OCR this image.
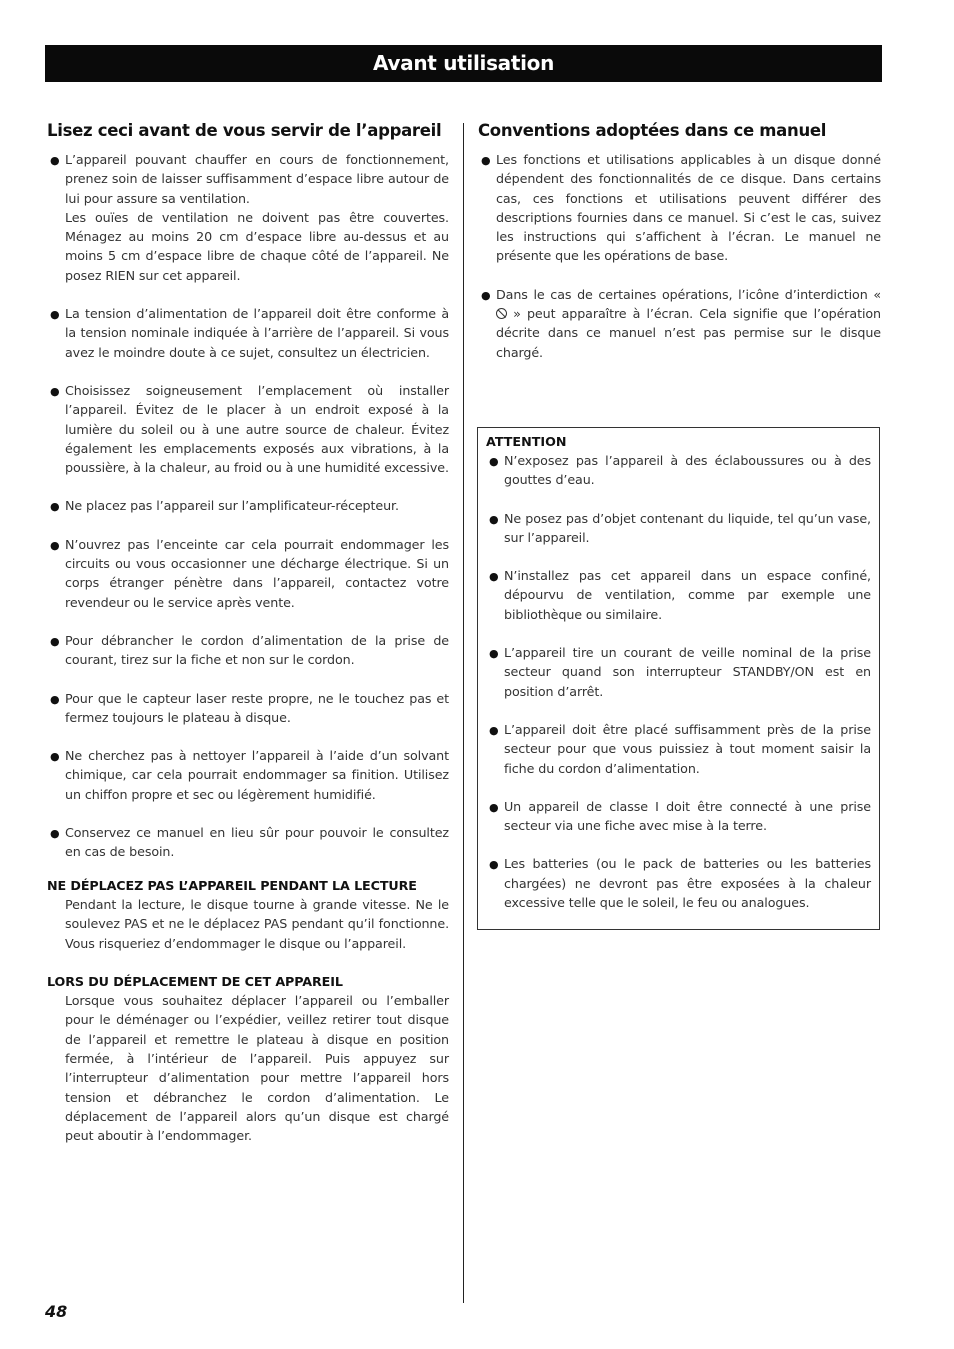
Avant utilisation
Lisez ceci avant de vous servir de l’appareil
● L’appareil pouvant chauffer en cours de fonctionnement, prenez soin de laisser suffisamment d’espace libre autour de lui pour assure sa ventilation.
Les ouïes de ventilation ne doivent pas être couvertes. Ménagez au moins 20 cm d’espace libre au-dessus et au moins 5 cm d’espace libre de chaque côté de l’appareil. Ne posez RIEN sur cet appareil.
● La tension d’alimentation de l’appareil doit être conforme à la tension nominale indiquée à l’arrière de l’appareil. Si vous avez le moindre doute à ce sujet, consultez un électricien.
● Choisissez soigneusement l’emplacement où installer l’appareil. Évitez de le placer à un endroit exposé à la lumière du soleil ou à une autre source de chaleur. Évitez également les emplacements exposés aux vibrations, à la poussière, à la chaleur, au froid ou à une humidité excessive.
● Ne placez pas l’appareil sur l’amplificateur-récepteur.
● N’ouvrez pas l’enceinte car cela pourrait endommager les circuits ou vous occasionner une décharge électrique. Si un corps étranger pénètre dans l’appareil, contactez votre revendeur ou le service après vente.
● Pour débrancher le cordon d’alimentation de la prise de courant, tirez sur la fiche et non sur le cordon.
● Pour que le capteur laser reste propre, ne le touchez pas et fermez toujours le plateau à disque.
● Ne cherchez pas à nettoyer l’appareil à l’aide d’un solvant chimique, car cela pourrait endommager sa finition. Utilisez un chiffon propre et sec ou légèrement humidifié.
● Conservez ce manuel en lieu sûr pour pouvoir le consultez en cas de besoin.

NE DÉPLACEZ PAS L’APPAREIL PENDANT LA LECTURE

Pendant la lecture, le disque tourne à grande vitesse. Ne le soulevez PAS et ne le déplacez PAS pendant qu’il fonctionne. Vous risqueriez d’endommager le disque ou l’appareil.

LORS DU DÉPLACEMENT DE CET APPAREIL

Lorsque vous souhaitez déplacer l’appareil ou l’emballer pour le déménager ou l’expédier, veillez retirer tout disque de l’appareil et remettre le plateau à disque en position fermée, à l’intérieur de l’appareil. Puis appuyez sur l’interrupteur d’alimentation pour mettre l’appareil hors tension et débranchez le cordon d’alimentation. Le déplacement de l’appareil alors qu’un disque est chargé peut aboutir à l’endommager.
Conventions adoptées dans ce manuel
● Les fonctions et utilisations applicables à un disque donné dépendent des fonctionnalités de ce disque. Dans certains cas, ces fonctions et utilisations peuvent différer des descriptions fournies dans ce manuel. Si c’est le cas, suivez les instructions qui s’affichent à l’écran. Le manuel ne présente que les opérations de base.
● Dans le cas de certaines opérations, l’icône d’interdiction «  » peut apparaître à l’écran. Cela signifie que l’opération décrite dans ce manuel n’est pas permise sur le disque chargé.

ATTENTION

● N’exposez pas l’appareil à des éclaboussures ou à des gouttes d’eau.
● Ne posez pas d’objet contenant du liquide, tel qu’un vase, sur l’appareil.
● N’installez pas cet appareil dans un espace confiné, dépourvu de ventilation, comme par exemple une bibliothèque ou similaire.
● L’appareil tire un courant de veille nominal de la prise secteur quand son interrupteur STANDBY/ON est en position d’arrêt.
● L’appareil doit être placé suffisamment près de la prise secteur pour que vous puissiez à tout moment saisir la fiche du cordon d’alimentation.
● Un appareil de classe I doit être connecté à une prise secteur via une fiche avec mise à la terre.
● Les batteries (ou le pack de batteries ou les batteries chargées) ne devront pas être exposées à la chaleur excessive telle que le soleil, le feu ou analogues.
48
